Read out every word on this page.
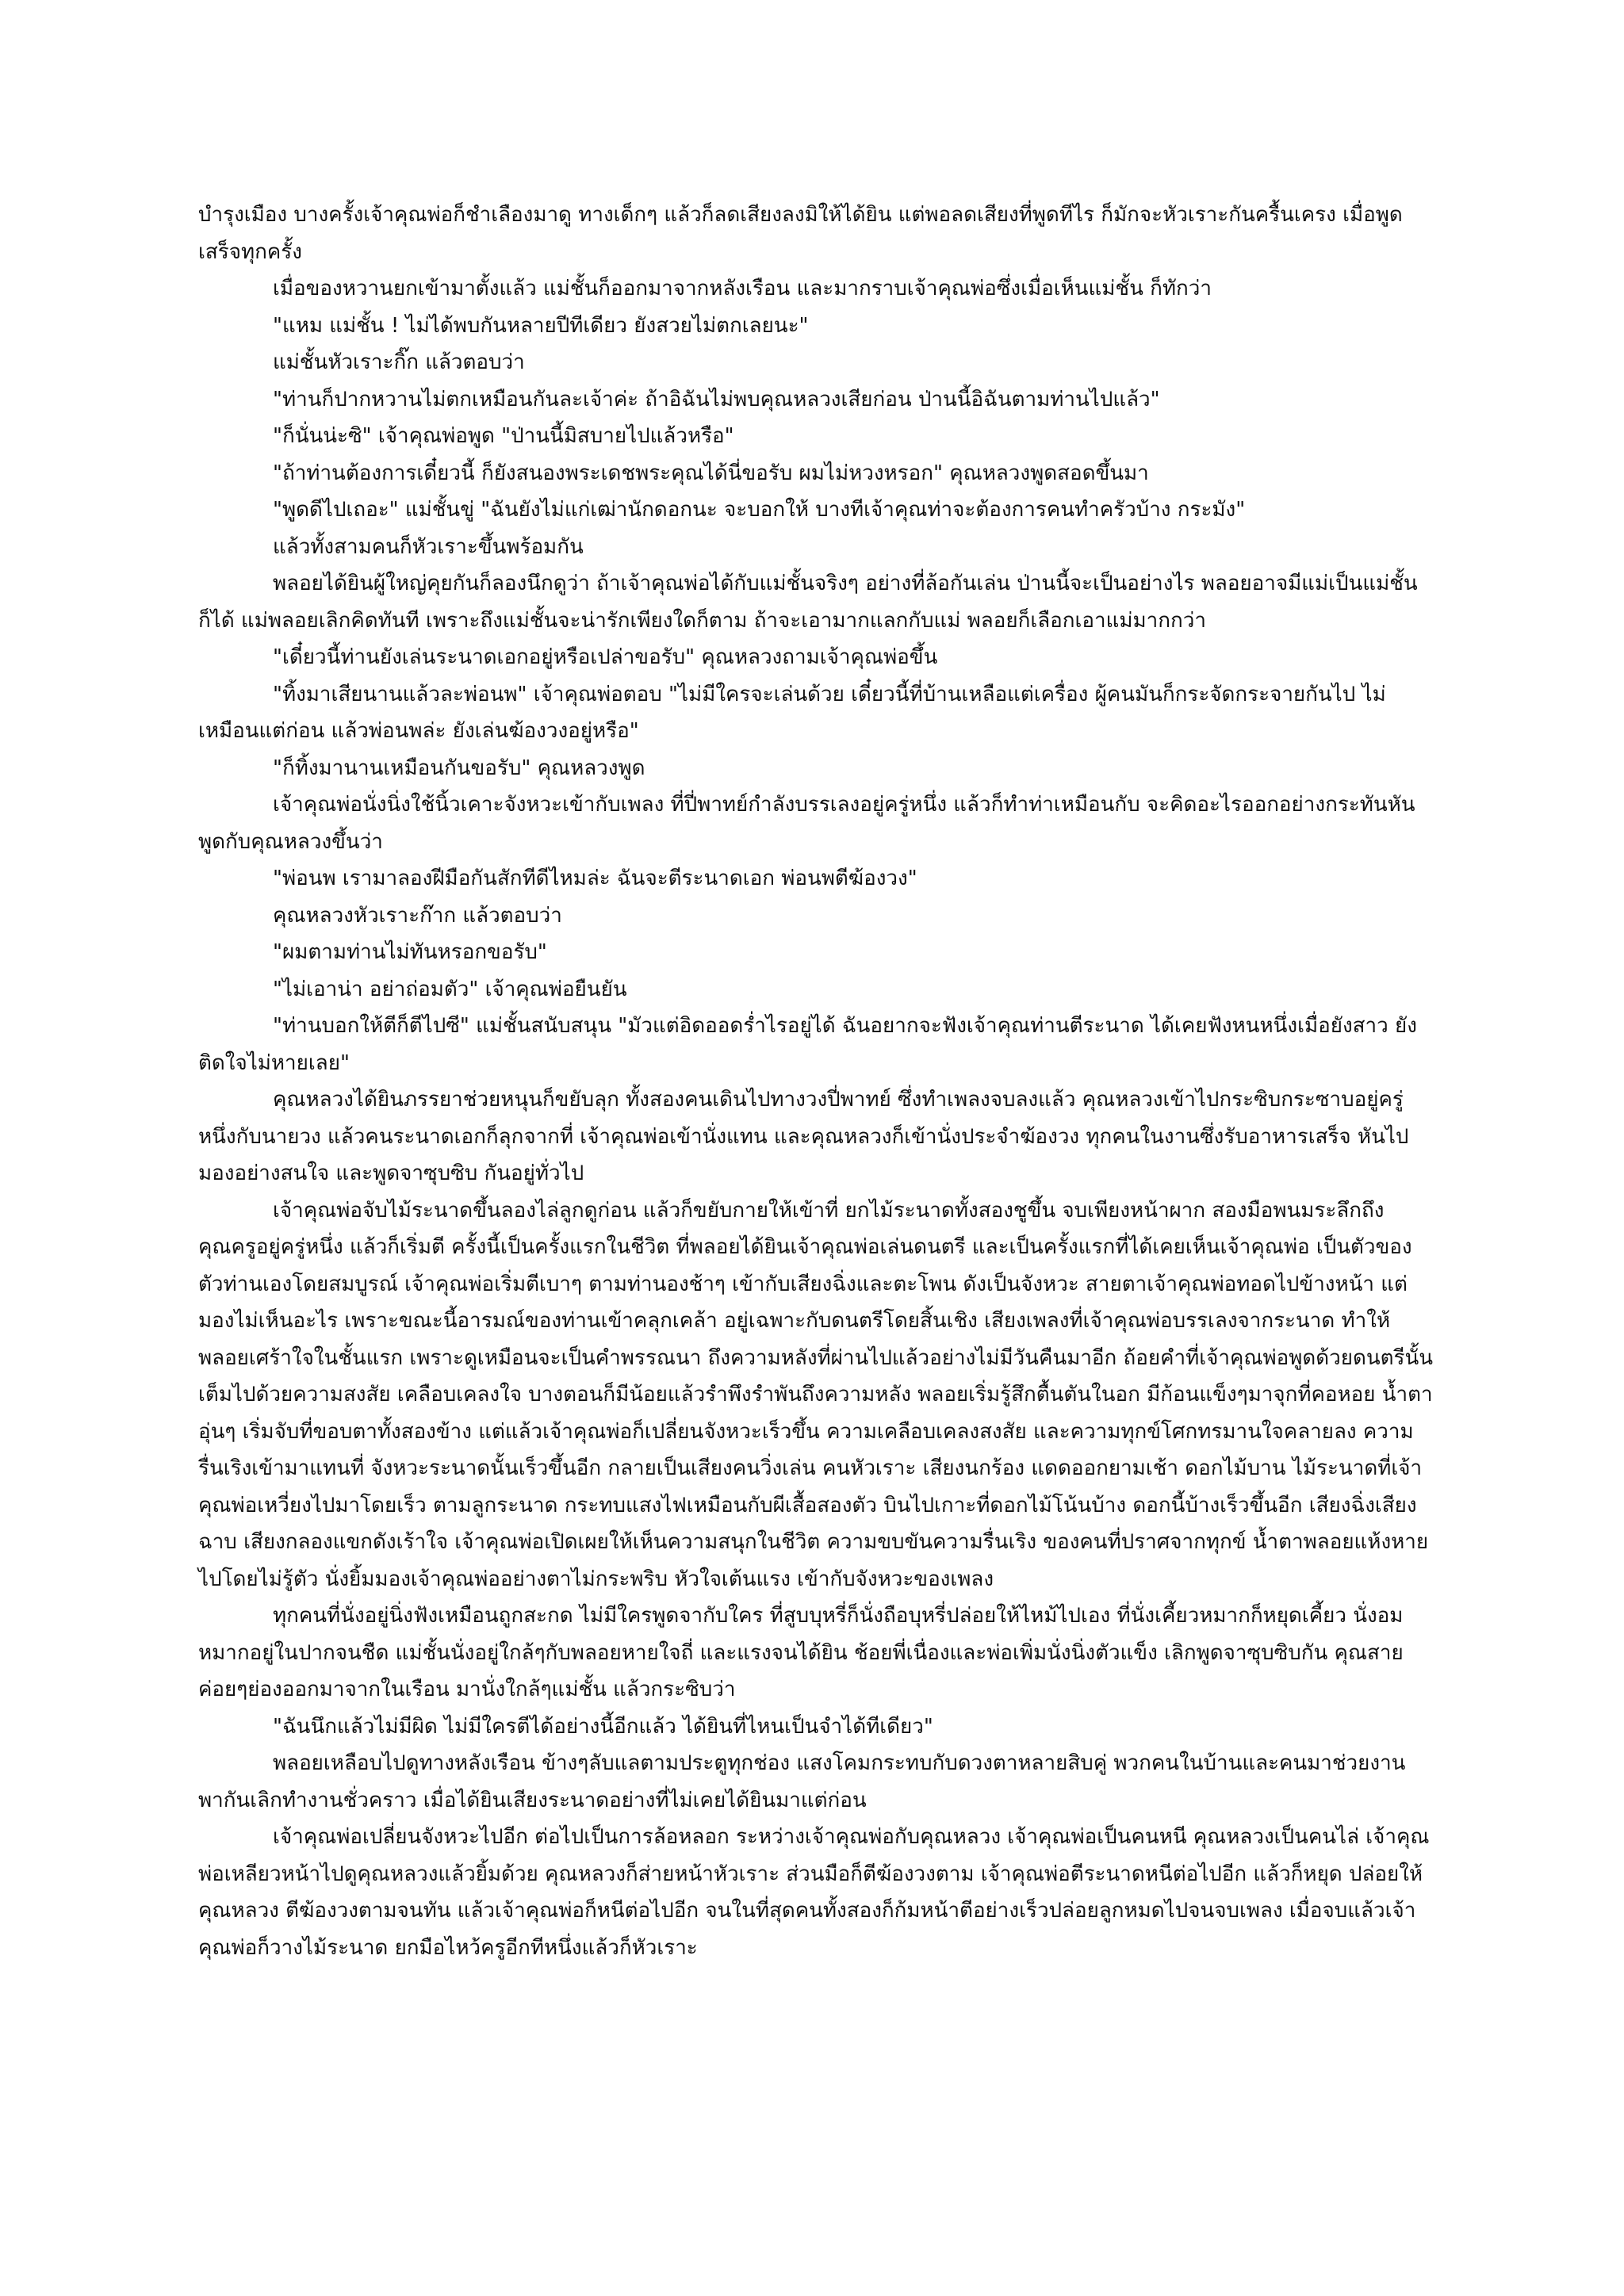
บำรุงเมือง บางครั้งเจ้าคุณพ่อก็ชำเลืองมาดู ทางเด็กๆ แล้วก็ลดเสียงลงมิให้ได้ยิน แต่พอลดเสียงที่พูดทีไร ก็มักจะหัวเราะกันครื้นเครง เมื่อพูดเสร็จทุกครั้ง

เมื่อของหวานยกเข้ามาตั้งแล้ว แม่ชั้นก็ออกมาจากหลังเรือน และมากราบเจ้าคุณพ่อซึ่งเมื่อเห็นแม่ชั้น ก็ทักว่า

"แหม แม่ชั้น ! ไม่ได้พบกันหลายปีทีเดียว ยังสวยไม่ตกเลยนะ"

แม่ชั้นหัวเราะกิ๊ก แล้วตอบว่า

"ท่านก็ปากหวานไม่ตกเหมือนกันละเจ้าค่ะ ถ้าอิฉันไม่พบคุณหลวงเสียก่อน ป่านนี้อิฉันตามท่านไปแล้ว"

"ก็นั่นน่ะซิ" เจ้าคุณพ่อพูด "ป่านนี้มิสบายไปแล้วหรือ"

"ถ้าท่านต้องการเดี๋ยวนี้ ก็ยังสนองพระเดชพระคุณได้นี่ขอรับ ผมไม่หวงหรอก" คุณหลวงพูดสอดขึ้นมา

"พูดดีไปเถอะ" แม่ชั้นขู่ "ฉันยังไม่แก่เฒ่านักดอกนะ จะบอกให้ บางทีเจ้าคุณท่าจะต้องการคนทำครัวบ้าง กระมัง"

แล้วทั้งสามคนก็หัวเราะขึ้นพร้อมกัน

พลอยได้ยินผู้ใหญ่คุยกันก็ลองนึกดูว่า ถ้าเจ้าคุณพ่อได้กับแม่ชั้นจริงๆ อย่างที่ล้อกันเล่น ป่านนี้จะเป็นอย่างไร พลอยอาจมีแม่เป็นแม่ชั้นก็ได้ แม่พลอยเลิกคิดทันที เพราะถึงแม่ชั้นจะน่ารักเพียงใดก็ตาม ถ้าจะเอามากแลกกับแม่ พลอยก็เลือกเอาแม่มากกว่า

"เดี๋ยวนี้ท่านยังเล่นระนาดเอกอยู่หรือเปล่าขอรับ" คุณหลวงถามเจ้าคุณพ่อขึ้น

"ทิ้งมาเสียนานแล้วละพ่อนพ" เจ้าคุณพ่อตอบ "ไม่มีใครจะเล่นด้วย เดี๋ยวนี้ที่บ้านเหลือแต่เครื่อง ผู้คนมันก็กระจัดกระจายกันไป ไม่เหมือนแต่ก่อน แล้วพ่อนพล่ะ ยังเล่นฆ้องวงอยู่หรือ"

"ก็ทิ้งมานานเหมือนกันขอรับ" คุณหลวงพูด

เจ้าคุณพ่อนั่งนิ่งใช้นิ้วเคาะจังหวะเข้ากับเพลง ที่ปี่พาทย์กำลังบรรเลงอยู่ครู่หนึ่ง แล้วก็ทำท่าเหมือนกับ จะคิดอะไรออกอย่างกระทันหัน พูดกับคุณหลวงขึ้นว่า

"พ่อนพ เรามาลองฝีมือกันสักทีดีไหมล่ะ ฉันจะตีระนาดเอก พ่อนพตีฆ้องวง"

คุณหลวงหัวเราะก๊าก แล้วตอบว่า

"ผมตามท่านไม่ทันหรอกขอรับ"

"ไม่เอาน่า อย่าถ่อมตัว" เจ้าคุณพ่อยืนยัน

"ท่านบอกให้ตีก็ตีไปซี" แม่ชั้นสนับสนุน "มัวแต่อิดออดร่ำไรอยู่ได้ ฉันอยากจะฟังเจ้าคุณท่านตีระนาด ได้เคยฟังหนหนึ่งเมื่อยังสาว ยังติดใจไม่หายเลย"

คุณหลวงได้ยินภรรยาช่วยหนุนก็ขยับลุก ทั้งสองคนเดินไปทางวงปี่พาทย์ ซึ่งทำเพลงจบลงแล้ว คุณหลวงเข้าไปกระซิบกระซาบอยู่ครู่หนึ่งกับนายวง แล้วคนระนาดเอกก็ลุกจากที่ เจ้าคุณพ่อเข้านั่งแทน และคุณหลวงก็เข้านั่งประจำฆ้องวง ทุกคนในงานซึ่งรับอาหารเสร็จ หันไปมองอย่างสนใจ และพูดจาซุบซิบ กันอยู่ทั่วไป

เจ้าคุณพ่อจับไม้ระนาดขึ้นลองไล่ลูกดูก่อน แล้วก็ขยับกายให้เข้าที่ ยกไม้ระนาดทั้งสองชูขึ้น จบเพียงหน้าผาก สองมือพนมระลึกถึงคุณครูอยู่ครู่หนึ่ง แล้วก็เริ่มตี ครั้งนี้เป็นครั้งแรกในชีวิต ที่พลอยได้ยินเจ้าคุณพ่อเล่นดนตรี และเป็นครั้งแรกที่ได้เคยเห็นเจ้าคุณพ่อ เป็นตัวของตัวท่านเองโดยสมบูรณ์ เจ้าคุณพ่อเริ่มตีเบาๆ ตามท่านองช้าๆ เข้ากับเสียงฉิ่งและตะโพน ดังเป็นจังหวะ สายตาเจ้าคุณพ่อทอดไปข้างหน้า แต่มองไม่เห็นอะไร เพราะขณะนี้อารมณ์ของท่านเข้าคลุกเคล้า อยู่เฉพาะกับดนตรีโดยสิ้นเชิง เสียงเพลงที่เจ้าคุณพ่อบรรเลงจากระนาด ทำให้พลอยเศร้าใจในชั้นแรก เพราะดูเหมือนจะเป็นคำพรรณนา ถึงความหลังที่ผ่านไปแล้วอย่างไม่มีวันคืนมาอีก ถ้อยคำที่เจ้าคุณพ่อพูดด้วยดนตรีนั้น เต็มไปด้วยความสงสัย เคลือบเคลงใจ บางตอนก็มีน้อยแล้วรำพึงรำพันถึงความหลัง พลอยเริ่มรู้สึกตื้นตันในอก มีก้อนแข็งๆมาจุกที่คอหอย น้ำตาอุ่นๆ เริ่มจับที่ขอบตาทั้งสองข้าง แต่แล้วเจ้าคุณพ่อก็เปลี่ยนจังหวะเร็วขึ้น ความเคลือบเคลงสงสัย และความทุกข์โศกทรมานใจคลายลง ความรื่นเริงเข้ามาแทนที่ จังหวะระนาดนั้นเร็วขึ้นอีก กลายเป็นเสียงคนวิ่งเล่น คนหัวเราะ เสียงนกร้อง แดดออกยามเช้า ดอกไม้บาน ไม้ระนาดที่เจ้าคุณพ่อเหวี่ยงไปมาโดยเร็ว ตามลูกระนาด กระทบแสงไฟเหมือนกับผีเสื้อสองตัว บินไปเกาะที่ดอกไม้โน้นบ้าง ดอกนี้บ้างเร็วขึ้นอีก เสียงฉิ่งเสียงฉาบ เสียงกลองแขกดังเร้าใจ เจ้าคุณพ่อเปิดเผยให้เห็นความสนุกในชีวิต ความขบขันความรื่นเริง ของคนที่ปราศจากทุกข์ น้ำตาพลอยแห้งหายไปโดยไม่รู้ตัว นั่งยิ้มมองเจ้าคุณพ่ออย่างตาไม่กระพริบ หัวใจเต้นแรง เข้ากับจังหวะของเพลง

ทุกคนที่นั่งอยู่นิ่งฟังเหมือนถูกสะกด ไม่มีใครพูดจากับใคร ที่สูบบุหรี่ก็นั่งถือบุหรี่ปล่อยให้ไหม้ไปเอง ที่นั่งเคี้ยวหมากก็หยุดเคี้ยว นั่งอมหมากอยู่ในปากจนชืด แม่ชั้นนั่งอยู่ใกล้ๆกับพลอยหายใจถี่ และแรงจนได้ยิน ช้อยพี่เนื่องและพ่อเพิ่มนั่งนิ่งตัวแข็ง เลิกพูดจาซุบซิบกัน คุณสายค่อยๆย่องออกมาจากในเรือน มานั่งใกล้ๆแม่ชั้น แล้วกระซิบว่า

"ฉันนึกแล้วไม่มีผิด ไม่มีใครตีได้อย่างนี้อีกแล้ว ได้ยินที่ไหนเป็นจำได้ทีเดียว"

พลอยเหลือบไปดูทางหลังเรือน ข้างๆลับแลตามประตูทุกช่อง แสงโคมกระทบกับดวงตาหลายสิบคู่ พวกคนในบ้านและคนมาช่วยงาน พากันเลิกทำงานชั่วคราว เมื่อได้ยินเสียงระนาดอย่างที่ไม่เคยได้ยินมาแต่ก่อน

เจ้าคุณพ่อเปลี่ยนจังหวะไปอีก ต่อไปเป็นการล้อหลอก ระหว่างเจ้าคุณพ่อกับคุณหลวง เจ้าคุณพ่อเป็นคนหนี คุณหลวงเป็นคนไล่ เจ้าคุณพ่อเหลียวหน้าไปดูคุณหลวงแล้วยิ้มด้วย คุณหลวงก็ส่ายหน้าหัวเราะ ส่วนมือก็ตีฆ้องวงตาม เจ้าคุณพ่อตีระนาดหนีต่อไปอีก แล้วก็หยุด ปล่อยให้คุณหลวง ตีฆ้องวงตามจนทัน แล้วเจ้าคุณพ่อก็หนีต่อไปอีก จนในที่สุดคนทั้งสองก็ก้มหน้าตีอย่างเร็วปล่อยลูกหมดไปจนจบเพลง เมื่อจบแล้วเจ้าคุณพ่อก็วางไม้ระนาด ยกมือไหว้ครูอีกทีหนึ่งแล้วก็หัวเราะ
